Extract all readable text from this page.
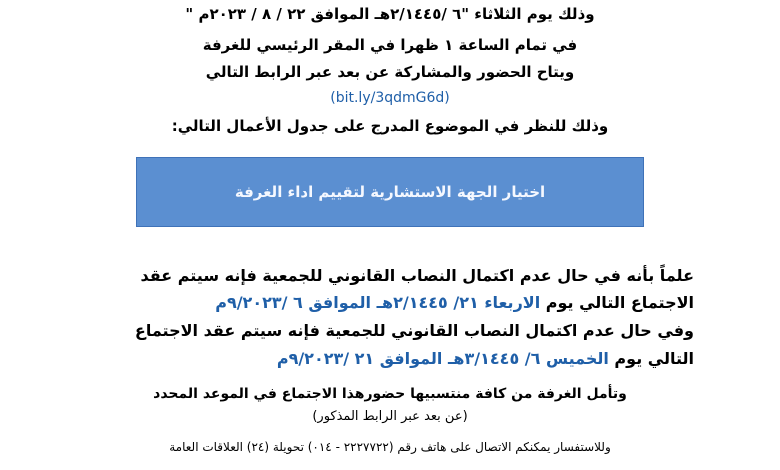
وذلك يوم الثلاثاء "٦ /٢/١٤٤٥هـ الموافق ٢٢ / ٨ / ٢٠٢٣م "
في تمام الساعة ١ ظهرا في المقر الرئيسي للغرفة
ويتاح الحضور والمشاركة عن بعد عبر الرابط التالي
(bit.ly/3qdmG6d)
وذلك للنظر في الموضوع المدرج على جدول الأعمال التالي:
اختيار الجهة الاستشارية لتقييم اداء الغرفة
علماً بأنه في حال عدم اكتمال النصاب القانوني للجمعية فإنه سيتم عقد
الاجتماع التالي يوم الاربعاء ٢١/ ٢/١٤٤٥هـ الموافق ٦ /٩/٢٠٢٣م
وفي حال عدم اكتمال النصاب القانوني للجمعية فإنه سيتم عقد الاجتماع
التالي يوم الخميس ٦/ ٣/١٤٤٥هـ الموافق ٢١ /٩/٢٠٢٣م
وتأمل الغرفة من كافة منتسبيها حضورهذا الاجتماع في الموعد المحدد
(عن بعد عبر الرابط المذكور)
وللاستفسار يمكنكم الاتصال على هاتف رقم (٢٢٢٧٧٢٢ - ٠١٤) تحويلة (٢٤) العلاقات العامة
